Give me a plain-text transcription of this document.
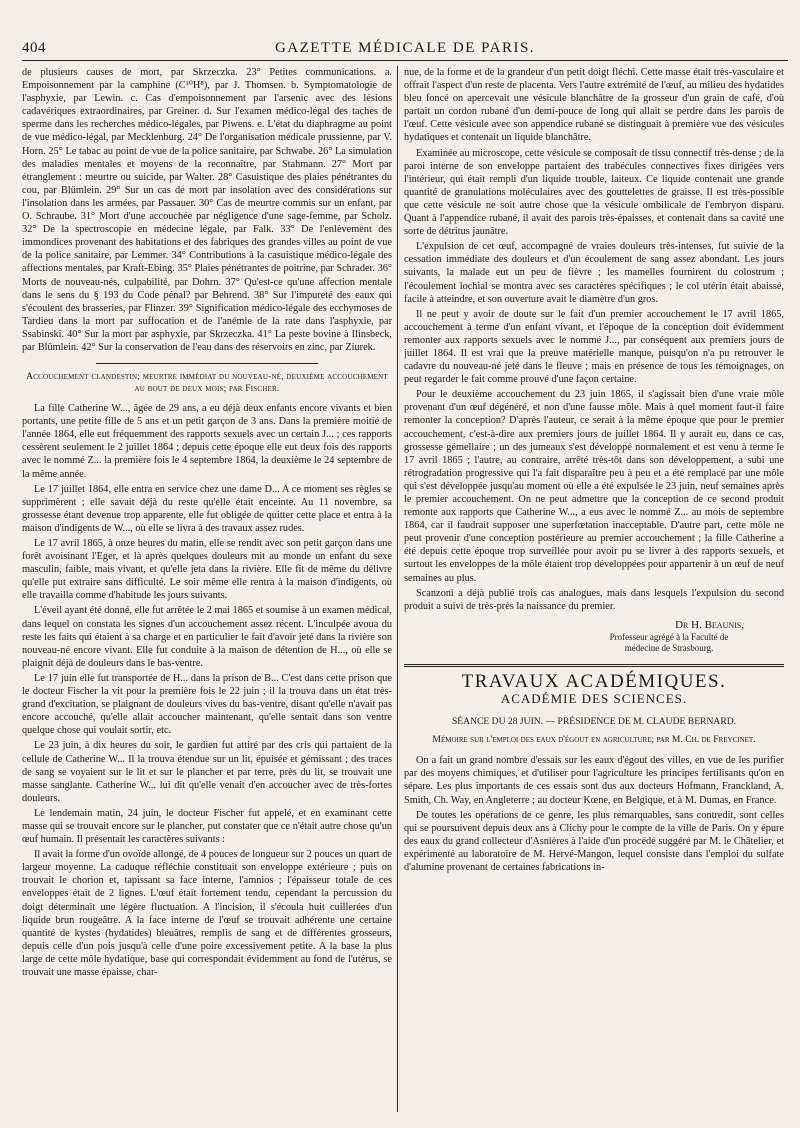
404	GAZETTE MÉDICALE DE PARIS.

de plusieurs causes de mort, par Skrzeczka. 23° Petites communications. a. Empoisonnement par la camphine (C¹⁰H⁸), par J. Thomsen. b. Symptomatologie de l'asphyxie, par Lewin. c. Cas d'empoisonnement par l'arsenic avec des lésions cadavériques extraordinaires, par Greiner. d. Sur l'examen médico-légal des taches de sperme dans les recherches médico-légales, par Piwens. e. L'état du diaphragme au point de vue médico-légal, par Mecklenburg. 24° De l'organisation médicale prussienne, par V. Horn. 25° Le tabac au point de vue de la police sanitaire, par Schwabe. 26° La simulation des maladies mentales et moyens de la reconnaître, par Stahmann. 27° Mort par étranglement : meurtre ou suicide, par Walter. 28° Casuistique des plaies pénétrantes du cou, par Blümlein. 29° Sur un cas de mort par insolation avec des considérations sur l'insolation dans les armées, par Passauer. 30° Cas de meurtre commis sur un enfant, par O. Schraube. 31° Mort d'une accouchée par négligence d'une sage-femme, par Scholz. 32° De la spectroscopie en médecine légale, par Falk. 33° De l'enlèvement des immondices provenant des habitations et des fabriques des grandes villes au point de vue de la police sanitaire, par Lemmer. 34° Contributions à la casuistique médico-légale des affections mentales, par Kraft-Ebing. 35° Plaies pénétrantes de poitrine, par Schrader. 36° Morts de nouveau-nés, culpabilité, par Dohrn. 37° Qu'est-ce qu'une affection mentale dans le sens du § 193 du Code pénal? par Behrend. 38° Sur l'impureté des eaux qui s'écoulent des brasseries, par Flinzer. 39° Signification médico-légale des ecchymoses de Tardieu dans la mort par suffocation et de l'anémie de la rate dans l'asphyxie, par Ssabinski. 40° Sur la mort par asphyxie, par Skrzeczka. 41° La peste bovine à Ilinsbeck, par Blümlein. 42° Sur la conservation de l'eau dans des réservoirs en zinc, par Ziurek.

Accouchement clandestin; meurtre immédiat du nouveau-né, deuxième accouchement au bout de deux mois; par Fischer.

La fille Catherine W..., âgée de 29 ans, a eu déjà deux enfants encore vivants et bien portants, une petite fille de 5 ans et un petit garçon de 3 ans. Dans la première moitié de l'année 1864, elle eut fréquemment des rapports sexuels avec un certain J... ; ces rapports cessèrent seulement le 2 juillet 1864 ; depuis cette époque elle eut deux fois des rapports avec le nommé Z... la première fois le 4 septembre 1864, la deuxième le 24 septembre de la même année.

Le 17 juillet 1864, elle entra en service chez une dame D... A ce moment ses règles se supprimèrent ; elle savait déjà du reste qu'elle était enceinte. Au 11 novembre, sa grossesse étant devenue trop apparente, elle fut obligée de quitter cette place et entra à la maison d'indigents de W..., où elle se livra à des travaux assez rudes.

Le 17 avril 1865, à onze heures du matin, elle se rendit avec son petit garçon dans une forêt avoisinant l'Eger, et là après quelques douleurs mit au monde un enfant du sexe masculin, faible, mais vivant, et qu'elle jeta dans la rivière. Elle fit de même du délivre qu'elle put extraire sans difficulté. Le soir même elle rentra à la maison d'indigents, où elle travailla comme d'habitude les jours suivants.

L'éveil ayant été donné, elle fut arrêtée le 2 mai 1865 et soumise à un examen médical, dans lequel on constata les signes d'un accouchement assez récent. L'inculpée avoua du reste les faits qui étaient à sa charge et en particulier le fait d'avoir jeté dans la rivière son nouveau-né encore vivant. Elle fut conduite à la maison de détention de H..., où elle se plaignit déjà de douleurs dans le bas-ventre.

Le 17 juin elle fut transportée de H... dans la prison de B... C'est dans cette prison que le docteur Fischer la vit pour la première fois le 22 juin ; il la trouva dans un état très-grand d'excitation, se plaignant de douleurs vives du bas-ventre, disant qu'elle n'avait pas encore accouché, qu'elle allait accoucher maintenant, qu'elle sentait dans son ventre quelque chose qui voulait sortir, etc.

Le 23 juin, à dix heures du soir, le gardien fut attiré par des cris qui partaient de la cellule de Catherine W... Il la trouva étendue sur un lit, épuisée et gémissant ; des traces de sang se voyaient sur le lit et sur le plancher et par terre, près du lit, se trouvait une masse sanglante. Catherine W... lui dit qu'elle venait d'en accoucher avec de très-fortes douleurs.

Le lendemain matin, 24 juin, le docteur Fischer fut appelé, et en examinant cette masse qui se trouvait encore sur le plancher, put constater que ce n'était autre chose qu'un œuf humain. Il présentait les caractères suivants :

Il avait la forme d'un ovoïde allongé, de 4 pouces de longueur sur 2 pouces un quart de largeur moyenne. La caduque réfléchie constituait son enveloppe extérieure ; puis on trouvait le chorion et, tapissant sa face interne, l'amnios ; l'épaisseur totale de ces enveloppes était de 2 lignes. L'œuf était fortement tendu, cependant la percussion du doigt déterminait une légère fluctuation. A l'incision, il s'écoula huit cuillerées d'un liquide brun rougeâtre. A la face interne de l'œuf se trouvait adhérente une certaine quantité de kystes (hydatides) bleuâtres, remplis de sang et de différentes grosseurs, depuis celle d'un pois jusqu'à celle d'une poire excessivement petite. A la base la plus large de cette môle hydatique, base qui correspondait évidemment au fond de l'utérus, se trouvait une masse épaisse, char-

nue, de la forme et de la grandeur d'un petit doigt fléchi. Cette masse était très-vasculaire et offrait l'aspect d'un reste de placenta. Vers l'autre extrémité de l'œuf, au milieu des hydatides bleu foncé on apercevait une vésicule blanchâtre de la grosseur d'un grain de café, d'où partait un cordon rubané d'un demi-pouce de long qui allait se perdre dans les parois de l'œuf. Cette vésicule avec son appendice rubané se distinguait à première vue des vésicules hydatiques et contenait un liquide blanchâtre.

Examinée au microscope, cette vésicule se composait de tissu connectif très-dense ; de la paroi interne de son enveloppe partaient des trabécules connectives fixes dirigées vers l'intérieur, qui était rempli d'un liquide trouble, laiteux. Ce liquide contenait une grande quantité de granulations moléculaires avec des gouttelettes de graisse. Il est très-possible que cette vésicule ne soit autre chose que la vésicule ombilicale de l'embryon disparu. Quant à l'appendice rubané, il avait des parois très-épaisses, et contenait dans sa cavité une sorte de détritus jaunâtre.

L'expulsion de cet œuf, accompagné de vraies douleurs très-intenses, fut suivie de la cessation immédiate des douleurs et d'un écoulement de sang assez abondant. Les jours suivants, la malade eut un peu de fièvre ; les mamelles fournirent du colostrum ; l'écoulement lochial se montra avec ses caractères spécifiques ; le col utérin était abaissé, facile à atteindre, et son ouverture avait le diamètre d'un gros.

Il ne peut y avoir de doute sur le fait d'un premier accouchement le 17 avril 1865, accouchement à terme d'un enfant vivant, et l'époque de la conception doit évidemment remonter aux rapports sexuels avec le nommé J..., par conséquent aux premiers jours de juillet 1864. Il est vrai que la preuve matérielle manque, puisqu'on n'a pu retrouver le cadavre du nouveau-né jeté dans le fleuve ; mais en présence de tous les témoignages, on peut regarder le fait comme prouvé d'une façon certaine.

Pour le deuxième accouchement du 23 juin 1865, il s'agissait bien d'une vraie môle provenant d'un œuf dégénéré, et non d'une fausse môle. Mais à quel moment faut-il faire remonter la conception? D'après l'auteur, ce serait à la même époque que pour le premier accouchement, c'est-à-dire aux premiers jours de juillet 1864. Il y aurait eu, dans ce cas, grossesse gémellaire ; un des jumeaux s'est développé normalement et est venu à terme le 17 avril 1865 ; l'autre, au contraire, arrêté très-tôt dans son développement, a subi une rétrogradation progressive qui l'a fait disparaître peu à peu et a été remplacé par une môle qui s'est développée jusqu'au moment où elle a été expulsée le 23 juin, neuf semaines après le premier accouchement. On ne peut admettre que la conception de ce second produit remonte aux rapports que Catherine W..., a eus avec le nommé Z... au mois de septembre 1864, car il faudrait supposer une superfœtation inacceptable. D'autre part, cette môle ne peut provenir d'une conception postérieure au premier accouchement ; la fille Catherine a été depuis cette époque trop surveillée pour avoir pu se livrer à des rapports sexuels, et surtout les enveloppes de la môle étaient trop développées pour appartenir à un œuf de neuf semaines au plus.

Scanzoni a déjà publié trois cas analogues, mais dans lesquels l'expulsion du second produit a suivi de très-près la naissance du premier.

Dr H. Beaunis,
Professeur agrégé à la Faculté de médecine de Strasbourg.
TRAVAUX ACADÉMIQUES.
ACADÉMIE DES SCIENCES.
SÉANCE DU 28 JUIN. — PRÉSIDENCE DE M. CLAUDE BERNARD.
Mémoire sur l'emploi des eaux d'égout en agriculture; par M. Ch. de Freycinet.

On a fait un grand nombre d'essais sur les eaux d'égout des villes, en vue de les purifier par des moyens chimiques, et d'utiliser pour l'agriculture les principes fertilisants qu'on en sépare. Les plus importants de ces essais sont dus aux docteurs Hofmann, Franckland, A. Smith, Ch. Way, en Angleterre ; au docteur Kœne, en Belgique, et à M. Dumas, en France.

De toutes les opérations de ce genre, les plus remarquables, sans contredit, sont celles qui se poursuivent depuis deux ans à Clichy pour le compte de la ville de Paris. On y épure des eaux du grand collecteur d'Asnières à l'aide d'un procédé suggéré par M. le Châtelier, et expérimenté au laboratoire de M. Hervé-Mangon, lequel consiste dans l'emploi du sulfate d'alumine provenant de certaines fabrications in-
